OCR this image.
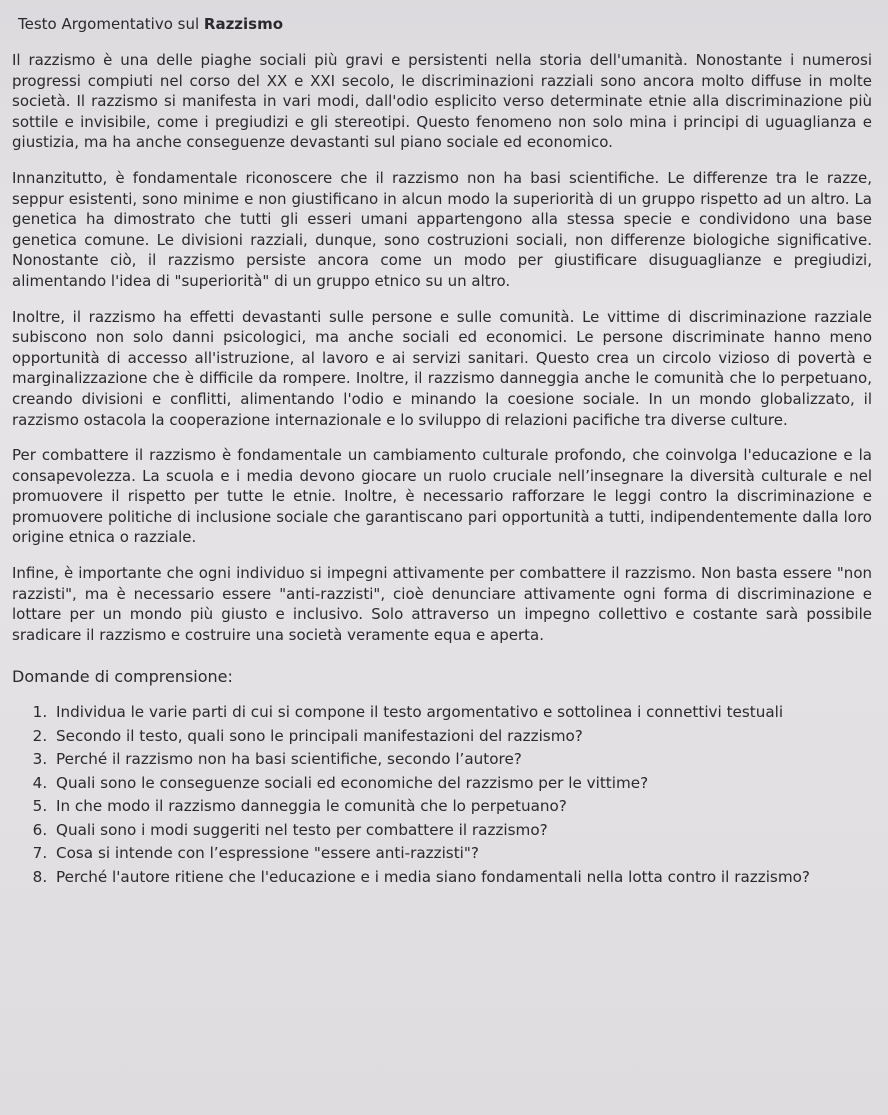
Testo Argomentativo sul Razzismo

Il razzismo è una delle piaghe sociali più gravi e persistenti nella storia dell'umanità. Nonostante i numerosi progressi compiuti nel corso del XX e XXI secolo, le discriminazioni razziali sono ancora molto diffuse in molte società. Il razzismo si manifesta in vari modi, dall'odio esplicito verso determinate etnie alla discriminazione più sottile e invisibile, come i pregiudizi e gli stereotipi. Questo fenomeno non solo mina i principi di uguaglianza e giustizia, ma ha anche conseguenze devastanti sul piano sociale ed economico.

Innanzitutto, è fondamentale riconoscere che il razzismo non ha basi scientifiche. Le differenze tra le razze, seppur esistenti, sono minime e non giustificano in alcun modo la superiorità di un gruppo rispetto ad un altro. La genetica ha dimostrato che tutti gli esseri umani appartengono alla stessa specie e condividono una base genetica comune. Le divisioni razziali, dunque, sono costruzioni sociali, non differenze biologiche significative. Nonostante ciò, il razzismo persiste ancora come un modo per giustificare disuguaglianze e pregiudizi, alimentando l'idea di "superiorità" di un gruppo etnico su un altro.

Inoltre, il razzismo ha effetti devastanti sulle persone e sulle comunità. Le vittime di discriminazione razziale subiscono non solo danni psicologici, ma anche sociali ed economici. Le persone discriminate hanno meno opportunità di accesso all'istruzione, al lavoro e ai servizi sanitari. Questo crea un circolo vizioso di povertà e marginalizzazione che è difficile da rompere. Inoltre, il razzismo danneggia anche le comunità che lo perpetuano, creando divisioni e conflitti, alimentando l'odio e minando la coesione sociale. In un mondo globalizzato, il razzismo ostacola la cooperazione internazionale e lo sviluppo di relazioni pacifiche tra diverse culture.

Per combattere il razzismo è fondamentale un cambiamento culturale profondo, che coinvolga l'educazione e la consapevolezza. La scuola e i media devono giocare un ruolo cruciale nell’insegnare la diversità culturale e nel promuovere il rispetto per tutte le etnie. Inoltre, è necessario rafforzare le leggi contro la discriminazione e promuovere politiche di inclusione sociale che garantiscano pari opportunità a tutti, indipendentemente dalla loro origine etnica o razziale.

Infine, è importante che ogni individuo si impegni attivamente per combattere il razzismo. Non basta essere "non razzisti", ma è necessario essere "anti-razzisti", cioè denunciare attivamente ogni forma di discriminazione e lottare per un mondo più giusto e inclusivo. Solo attraverso un impegno collettivo e costante sarà possibile sradicare il razzismo e costruire una società veramente equa e aperta.

Domande di comprensione:
1. Individua le varie parti di cui si compone il testo argomentativo e sottolinea i connettivi testuali
2. Secondo il testo, quali sono le principali manifestazioni del razzismo?
3. Perché il razzismo non ha basi scientifiche, secondo l’autore?
4. Quali sono le conseguenze sociali ed economiche del razzismo per le vittime?
5. In che modo il razzismo danneggia le comunità che lo perpetuano?
6. Quali sono i modi suggeriti nel testo per combattere il razzismo?
7. Cosa si intende con l’espressione "essere anti-razzisti"?
8. Perché l'autore ritiene che l'educazione e i media siano fondamentali nella lotta contro il razzismo?
